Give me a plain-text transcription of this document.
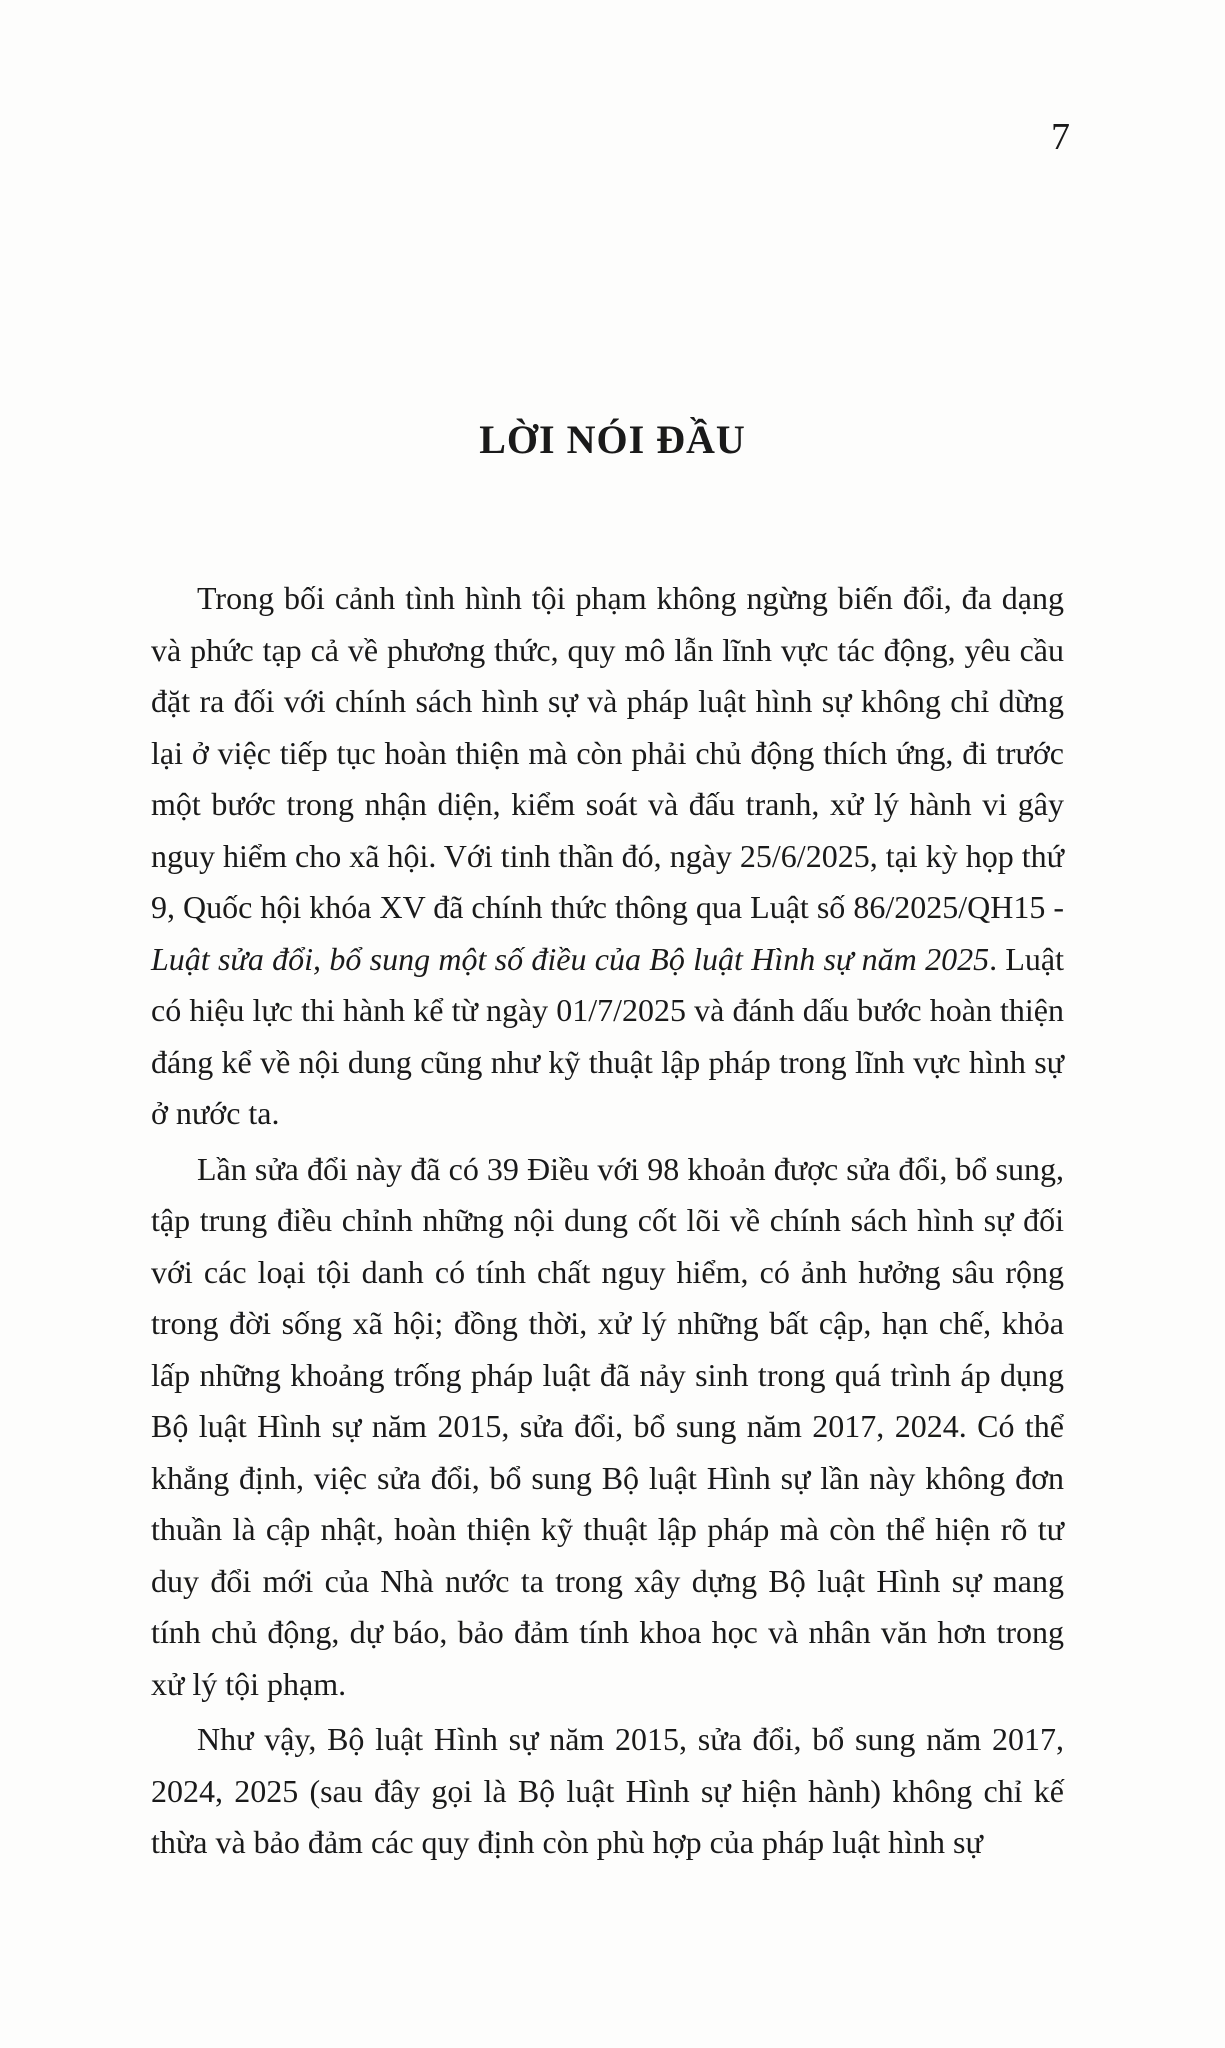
7
LỜI NÓI ĐẦU

Trong bối cảnh tình hình tội phạm không ngừng biến đổi, đa dạng và phức tạp cả về phương thức, quy mô lẫn lĩnh vực tác động, yêu cầu đặt ra đối với chính sách hình sự và pháp luật hình sự không chỉ dừng lại ở việc tiếp tục hoàn thiện mà còn phải chủ động thích ứng, đi trước một bước trong nhận diện, kiểm soát và đấu tranh, xử lý hành vi gây nguy hiểm cho xã hội. Với tinh thần đó, ngày 25/6/2025, tại kỳ họp thứ 9, Quốc hội khóa XV đã chính thức thông qua Luật số 86/2025/QH15 - Luật sửa đổi, bổ sung một số điều của Bộ luật Hình sự năm 2025. Luật có hiệu lực thi hành kể từ ngày 01/7/2025 và đánh dấu bước hoàn thiện đáng kể về nội dung cũng như kỹ thuật lập pháp trong lĩnh vực hình sự ở nước ta.

Lần sửa đổi này đã có 39 Điều với 98 khoản được sửa đổi, bổ sung, tập trung điều chỉnh những nội dung cốt lõi về chính sách hình sự đối với các loại tội danh có tính chất nguy hiểm, có ảnh hưởng sâu rộng trong đời sống xã hội; đồng thời, xử lý những bất cập, hạn chế, khỏa lấp những khoảng trống pháp luật đã nảy sinh trong quá trình áp dụng Bộ luật Hình sự năm 2015, sửa đổi, bổ sung năm 2017, 2024. Có thể khẳng định, việc sửa đổi, bổ sung Bộ luật Hình sự lần này không đơn thuần là cập nhật, hoàn thiện kỹ thuật lập pháp mà còn thể hiện rõ tư duy đổi mới của Nhà nước ta trong xây dựng Bộ luật Hình sự mang tính chủ động, dự báo, bảo đảm tính khoa học và nhân văn hơn trong xử lý tội phạm.

Như vậy, Bộ luật Hình sự năm 2015, sửa đổi, bổ sung năm 2017, 2024, 2025 (sau đây gọi là Bộ luật Hình sự hiện hành) không chỉ kế thừa và bảo đảm các quy định còn phù hợp của pháp luật hình sự
